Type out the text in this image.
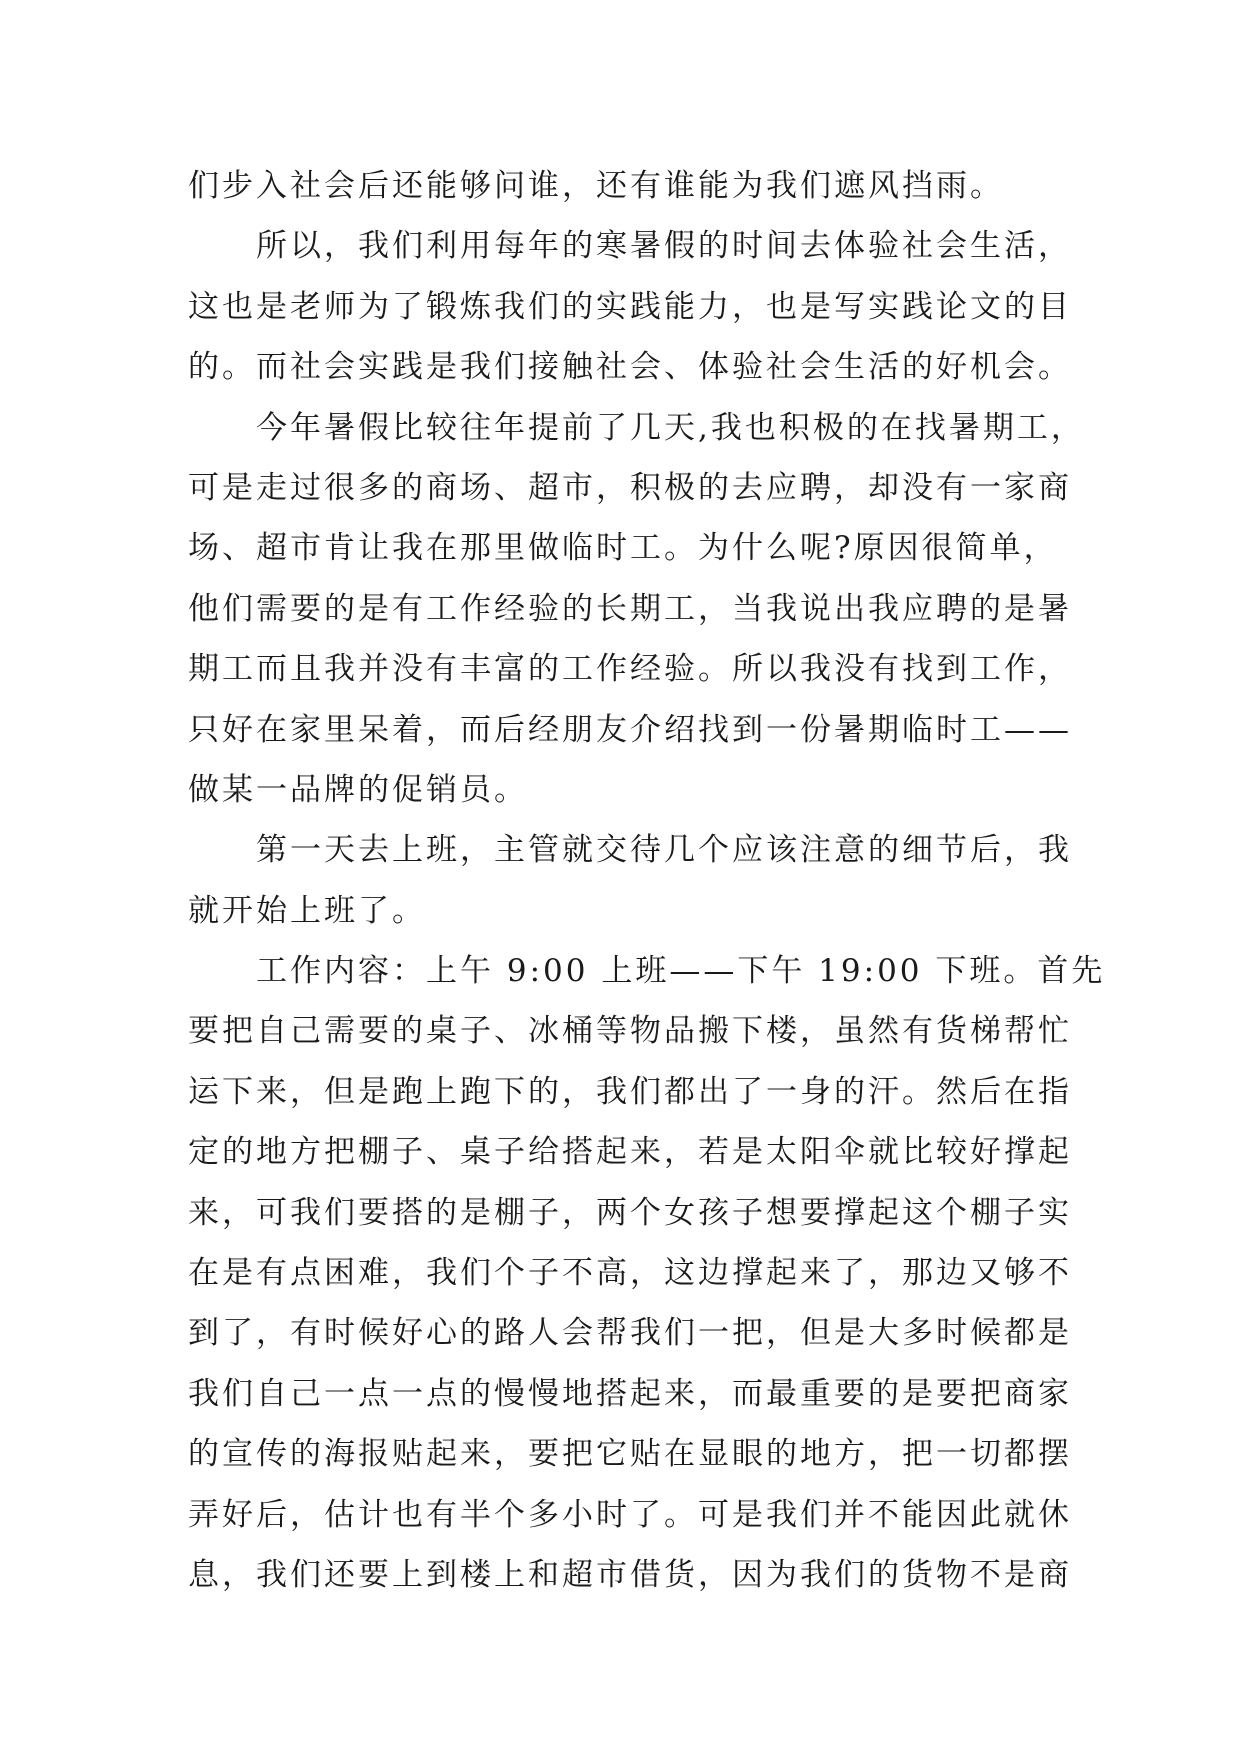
们步入社会后还能够问谁，还有谁能为我们遮风挡雨。
所以，我们利用每年的寒暑假的时间去体验社会生活，
这也是老师为了锻炼我们的实践能力，也是写实践论文的目
的。而社会实践是我们接触社会、体验社会生活的好机会。
今年暑假比较往年提前了几天,我也积极的在找暑期工，
可是走过很多的商场、超市，积极的去应聘，却没有一家商
场、超市肯让我在那里做临时工。为什么呢?原因很简单，
他们需要的是有工作经验的长期工，当我说出我应聘的是暑
期工而且我并没有丰富的工作经验。所以我没有找到工作，
只好在家里呆着，而后经朋友介绍找到一份暑期临时工——
做某一品牌的促销员。
第一天去上班，主管就交待几个应该注意的细节后，我
就开始上班了。
工作内容：上午 9:00 上班——下午 19:00 下班。首先
要把自己需要的桌子、冰桶等物品搬下楼，虽然有货梯帮忙
运下来，但是跑上跑下的，我们都出了一身的汗。然后在指
定的地方把棚子、桌子给搭起来，若是太阳伞就比较好撑起
来，可我们要搭的是棚子，两个女孩子想要撑起这个棚子实
在是有点困难，我们个子不高，这边撑起来了，那边又够不
到了，有时候好心的路人会帮我们一把，但是大多时候都是
我们自己一点一点的慢慢地搭起来，而最重要的是要把商家
的宣传的海报贴起来，要把它贴在显眼的地方，把一切都摆
弄好后，估计也有半个多小时了。可是我们并不能因此就休
息，我们还要上到楼上和超市借货，因为我们的货物不是商
